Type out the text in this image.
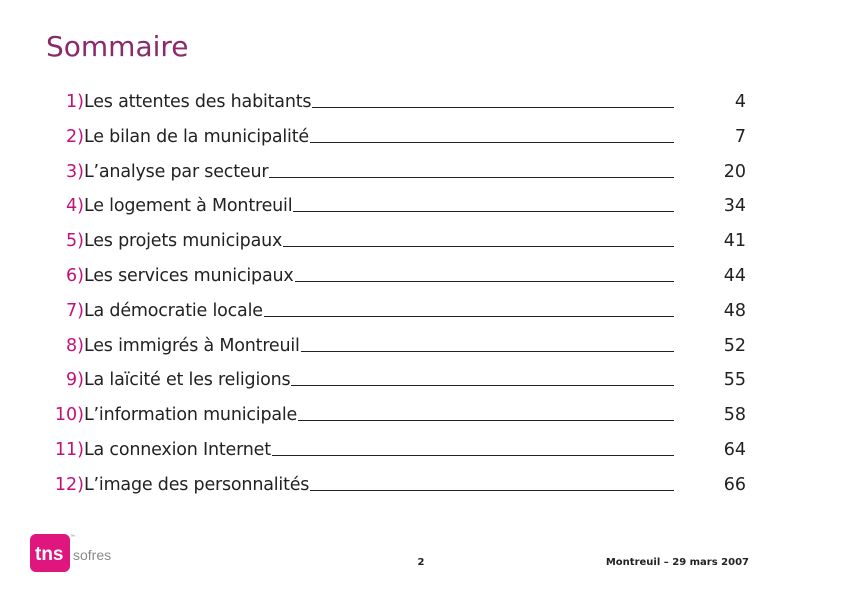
Sommaire
1) Les attentes des habitants	4
2) Le bilan de la municipalité	7
3) L’analyse par secteur	20
4) Le logement à Montreuil	34
5) Les projets municipaux	41
6) Les services municipaux	44
7) La démocratie locale	48
8) Les immigrés à Montreuil	52
9) La laïcité et les religions	55
10) L’information municipale	58
11) La connexion Internet	64
12) L’image des personnalités	66
tns sofres
™
2	Montreuil – 29 mars 2007
